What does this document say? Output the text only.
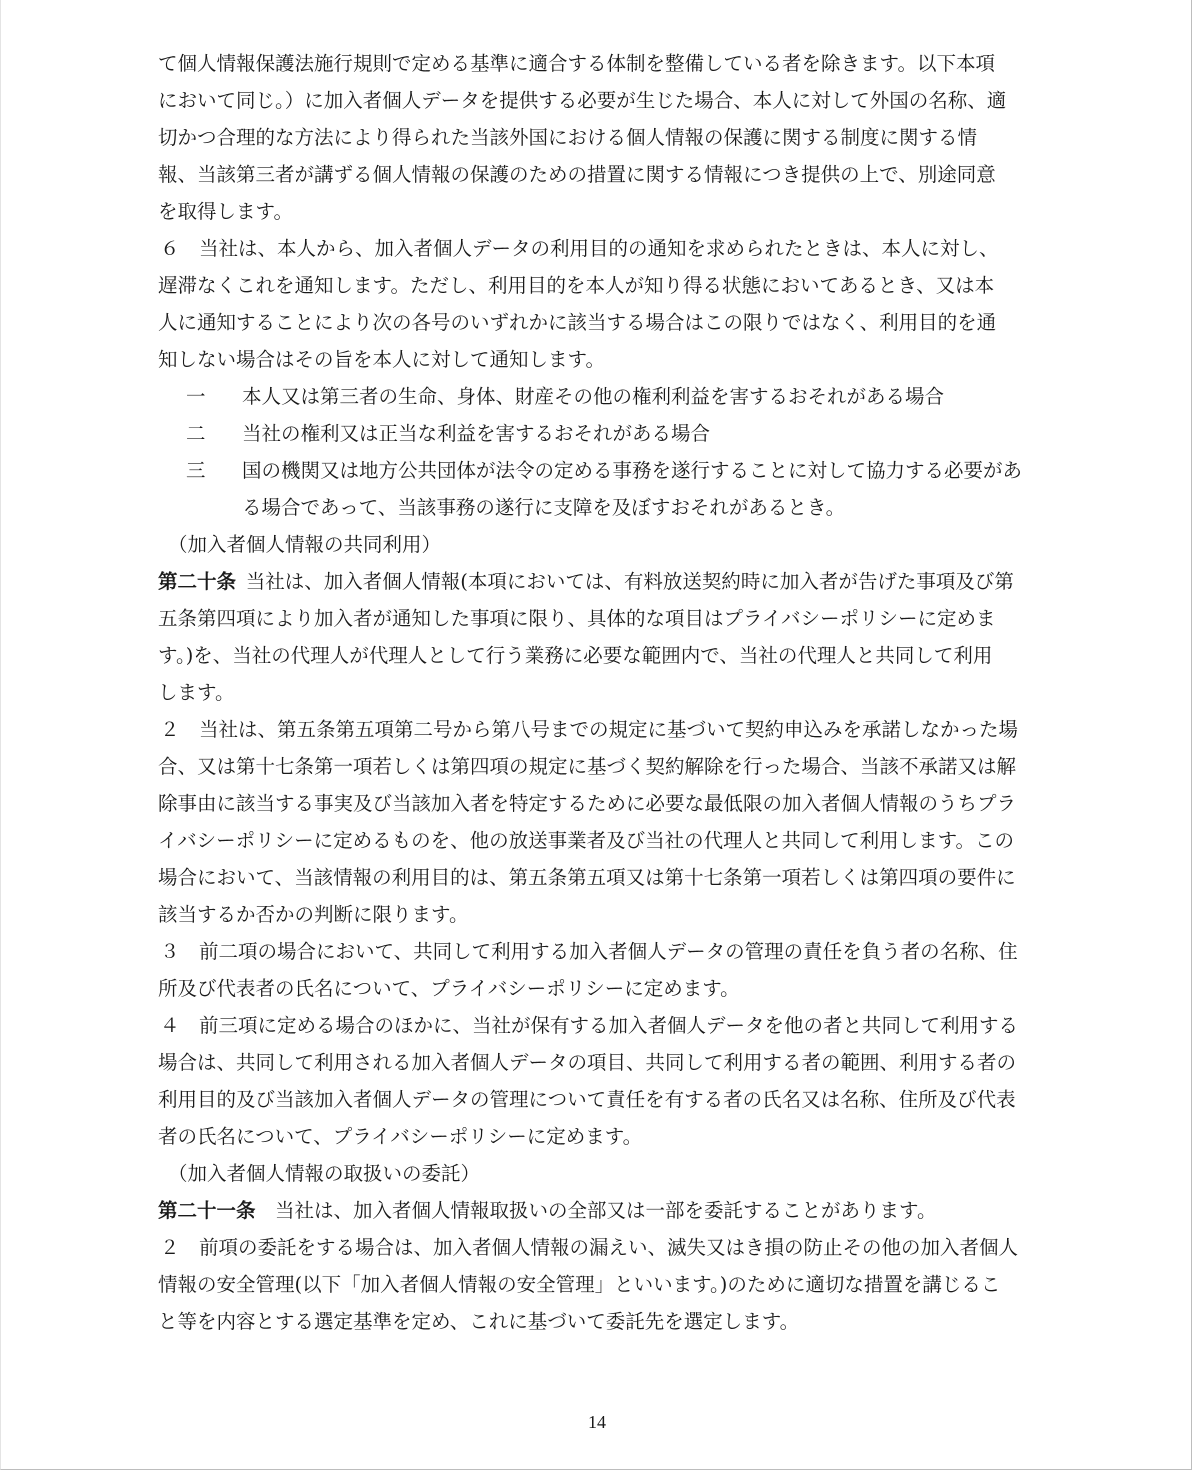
て個人情報保護法施行規則で定める基準に適合する体制を整備している者を除きます。以下本項
において同じ。）に加入者個人データを提供する必要が生じた場合、本人に対して外国の名称、適
切かつ合理的な方法により得られた当該外国における個人情報の保護に関する制度に関する情
報、当該第三者が講ずる個人情報の保護のための措置に関する情報につき提供の上で、別途同意
を取得します。
６　当社は、本人から、加入者個人データの利用目的の通知を求められたときは、本人に対し、
遅滞なくこれを通知します。ただし、利用目的を本人が知り得る状態においてあるとき、又は本
人に通知することにより次の各号のいずれかに該当する場合はこの限りではなく、利用目的を通
知しない場合はその旨を本人に対して通知します。
一 本人又は第三者の生命、身体、財産その他の権利利益を害するおそれがある場合
二 当社の権利又は正当な利益を害するおそれがある場合
三 国の機関又は地方公共団体が法令の定める事務を遂行することに対して協力する必要があ
る場合であって、当該事務の遂行に支障を及ぼすおそれがあるとき。
（加入者個人情報の共同利用）
第二十条  当社は、加入者個人情報(本項においては、有料放送契約時に加入者が告げた事項及び第
五条第四項により加入者が通知した事項に限り、具体的な項目はプライバシーポリシーに定めま
す。)を、当社の代理人が代理人として行う業務に必要な範囲内で、当社の代理人と共同して利用
します。
２　当社は、第五条第五項第二号から第八号までの規定に基づいて契約申込みを承諾しなかった場
合、又は第十七条第一項若しくは第四項の規定に基づく契約解除を行った場合、当該不承諾又は解
除事由に該当する事実及び当該加入者を特定するために必要な最低限の加入者個人情報のうちプラ
イバシーポリシーに定めるものを、他の放送事業者及び当社の代理人と共同して利用します。この
場合において、当該情報の利用目的は、第五条第五項又は第十七条第一項若しくは第四項の要件に
該当するか否かの判断に限ります。
３　前二項の場合において、共同して利用する加入者個人データの管理の責任を負う者の名称、住
所及び代表者の氏名について、プライバシーポリシーに定めます。
４　前三項に定める場合のほかに、当社が保有する加入者個人データを他の者と共同して利用する
場合は、共同して利用される加入者個人データの項目、共同して利用する者の範囲、利用する者の
利用目的及び当該加入者個人データの管理について責任を有する者の氏名又は名称、住所及び代表
者の氏名について、プライバシーポリシーに定めます。
（加入者個人情報の取扱いの委託）
第二十一条　 当社は、加入者個人情報取扱いの全部又は一部を委託することがあります。
２　前項の委託をする場合は、加入者個人情報の漏えい、滅失又はき損の防止その他の加入者個人
情報の安全管理(以下「加入者個人情報の安全管理」といいます。)のために適切な措置を講じるこ
と等を内容とする選定基準を定め、これに基づいて委託先を選定します。
14
